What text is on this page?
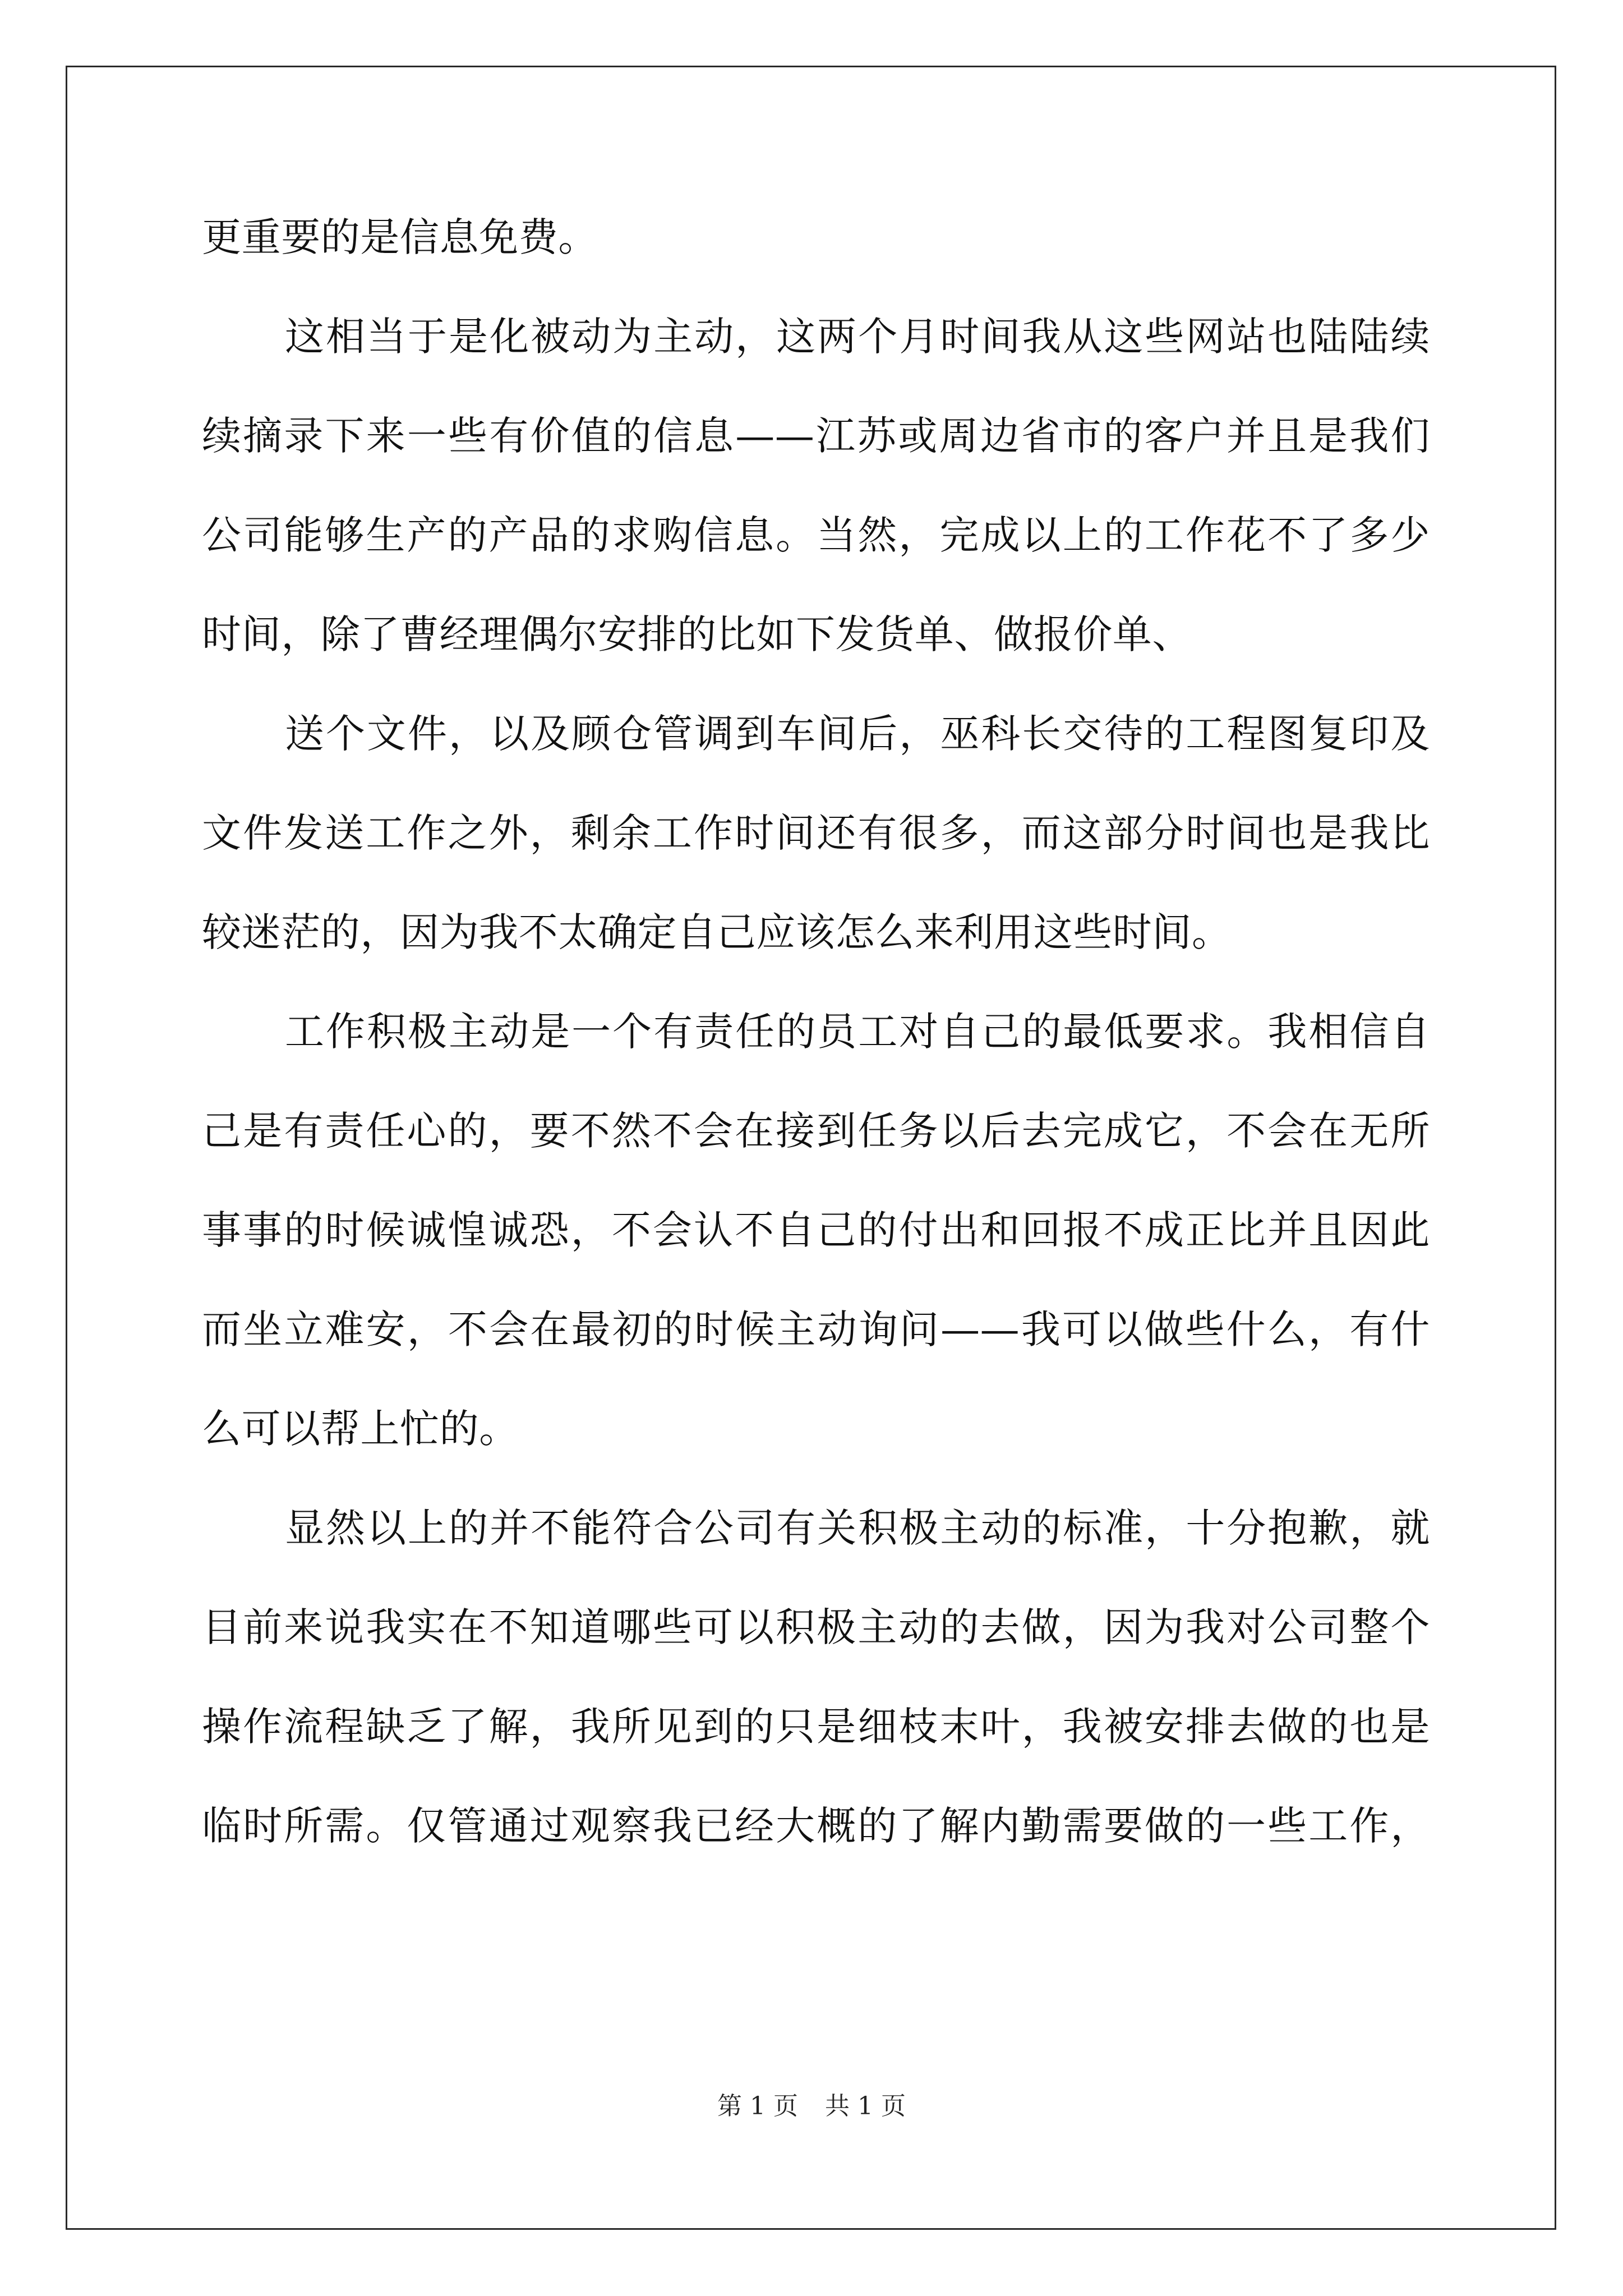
更重要的是信息免费。
这相当于是化被动为主动，这两个月时间我从这些网站也陆陆续
续摘录下来一些有价值的信息——江苏或周边省市的客户并且是我们
公司能够生产的产品的求购信息。当然，完成以上的工作花不了多少
时间，除了曹经理偶尔安排的比如下发货单、做报价单、
送个文件，以及顾仓管调到车间后，巫科长交待的工程图复印及
文件发送工作之外，剩余工作时间还有很多，而这部分时间也是我比
较迷茫的，因为我不太确定自己应该怎么来利用这些时间。
工作积极主动是一个有责任的员工对自己的最低要求。我相信自
己是有责任心的，要不然不会在接到任务以后去完成它，不会在无所
事事的时候诚惶诚恐，不会认不自己的付出和回报不成正比并且因此
而坐立难安，不会在最初的时候主动询问——我可以做些什么，有什
么可以帮上忙的。
显然以上的并不能符合公司有关积极主动的标准，十分抱歉，就
目前来说我实在不知道哪些可以积极主动的去做，因为我对公司整个
操作流程缺乏了解，我所见到的只是细枝末叶，我被安排去做的也是
临时所需。仅管通过观察我已经大概的了解内勤需要做的一些工作，
第 1 页 共 1 页
